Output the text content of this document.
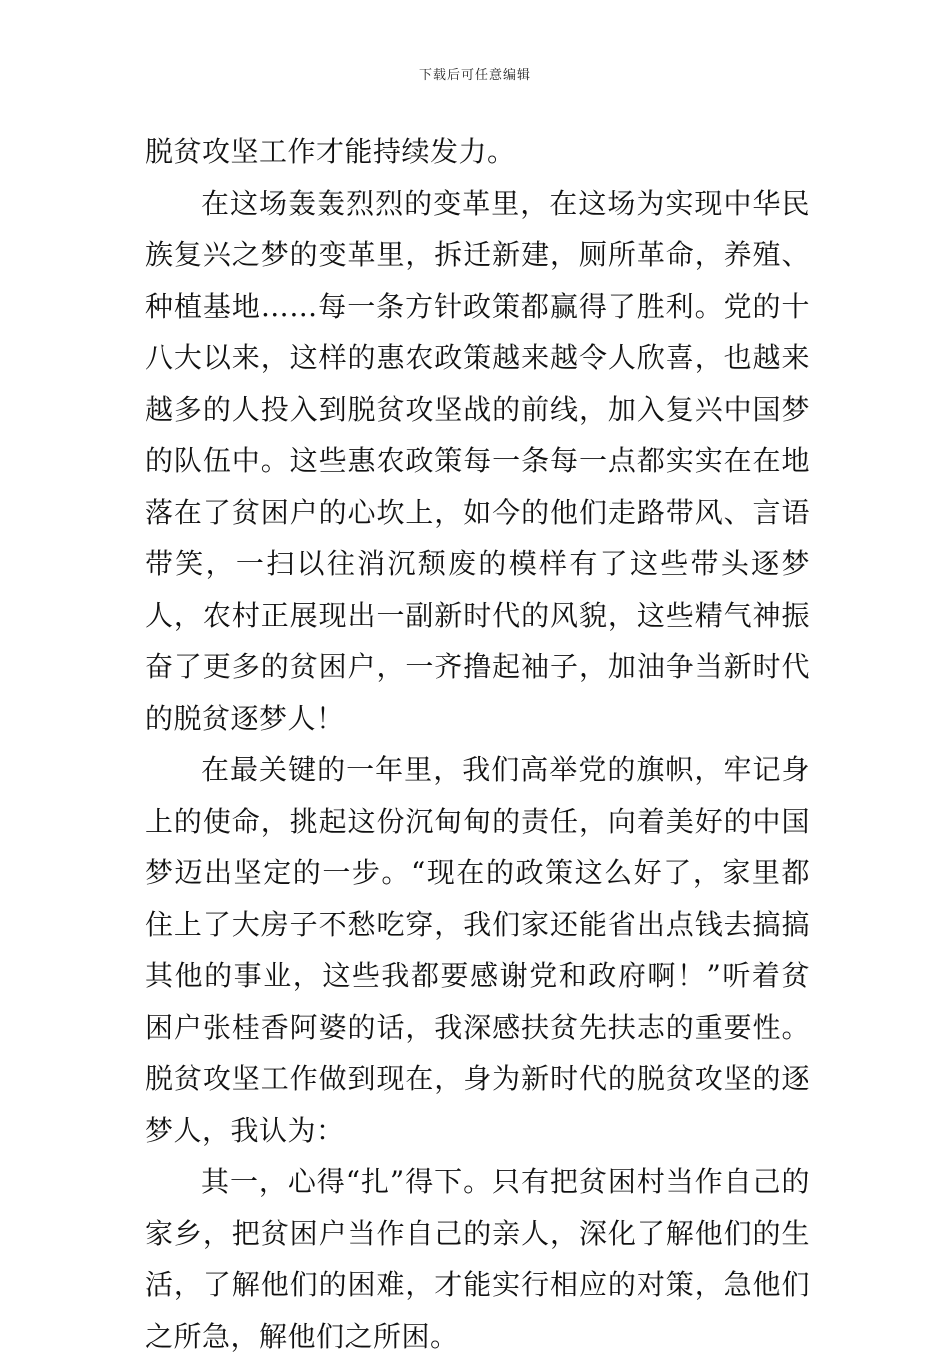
下载后可任意编辑

脱贫攻坚工作才能持续发力。

在这场轰轰烈烈的变革里，在这场为实现中华民族复兴之梦的变革里，拆迁新建，厕所革命，养殖、种植基地……每一条方针政策都赢得了胜利。党的十八大以来，这样的惠农政策越来越令人欣喜，也越来越多的人投入到脱贫攻坚战的前线，加入复兴中国梦的队伍中。这些惠农政策每一条每一点都实实在在地落在了贫困户的心坎上，如今的他们走路带风、言语带笑，一扫以往消沉颓废的模样有了这些带头逐梦人，农村正展现出一副新时代的风貌，这些精气神振奋了更多的贫困户，一齐撸起袖子，加油争当新时代的脱贫逐梦人！

在最关键的一年里，我们高举党的旗帜，牢记身上的使命，挑起这份沉甸甸的责任，向着美好的中国梦迈出坚定的一步。“现在的政策这么好了，家里都住上了大房子不愁吃穿，我们家还能省出点钱去搞搞其他的事业，这些我都要感谢党和政府啊！”听着贫困户张桂香阿婆的话，我深感扶贫先扶志的重要性。脱贫攻坚工作做到现在，身为新时代的脱贫攻坚的逐梦人，我认为：

其一，心得“扎”得下。只有把贫困村当作自己的家乡，把贫困户当作自己的亲人，深化了解他们的生活，了解他们的困难，才能实行相应的对策，急他们之所急，解他们之所困。
